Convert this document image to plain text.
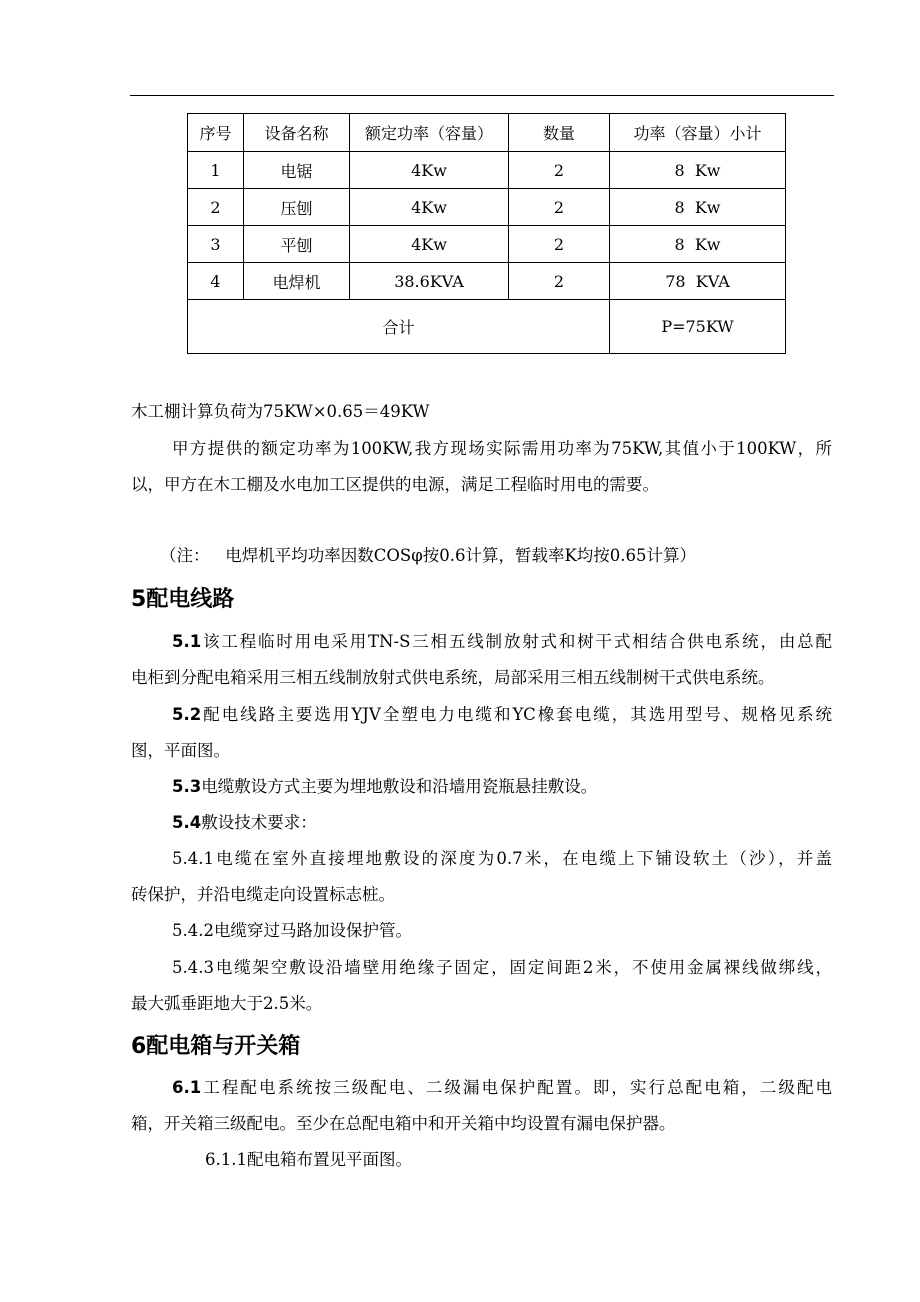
序号	设备名称	额定功率（容量）	数量	功率（容量）小计
1	电锯	4Kw	2	8  Kw
2	压刨	4Kw	2	8  Kw
3	平刨	4Kw	2	8  Kw
4	电焊机	38.6KVA	2	78  KVA
合计				P=75KW
木工棚计算负荷为75KW×0.65＝49KW
甲方提供的额定功率为100KW,我方现场实际需用功率为75KW,其值小于100KW，所
以，甲方在木工棚及水电加工区提供的电源，满足工程临时用电的需要。
（注：   电焊机平均功率因数COSφ按0.6计算，暂载率K均按0.65计算）
5配电线路
5.1该工程临时用电采用TN-S三相五线制放射式和树干式相结合供电系统，由总配
电柜到分配电箱采用三相五线制放射式供电系统，局部采用三相五线制树干式供电系统。
5.2配电线路主要选用YJV全塑电力电缆和YC橡套电缆，其选用型号、规格见系统
图，平面图。
5.3电缆敷设方式主要为埋地敷设和沿墙用瓷瓶悬挂敷设。
5.4敷设技术要求：
5.4.1电缆在室外直接埋地敷设的深度为0.7米，在电缆上下铺设软土（沙），并盖
砖保护，并沿电缆走向设置标志桩。
5.4.2电缆穿过马路加设保护管。
5.4.3电缆架空敷设沿墙壁用绝缘子固定，固定间距2米，不使用金属裸线做绑线，
最大弧垂距地大于2.5米。
6配电箱与开关箱
6.1工程配电系统按三级配电、二级漏电保护配置。即，实行总配电箱，二级配电
箱，开关箱三级配电。至少在总配电箱中和开关箱中均设置有漏电保护器。
6.1.1配电箱布置见平面图。
